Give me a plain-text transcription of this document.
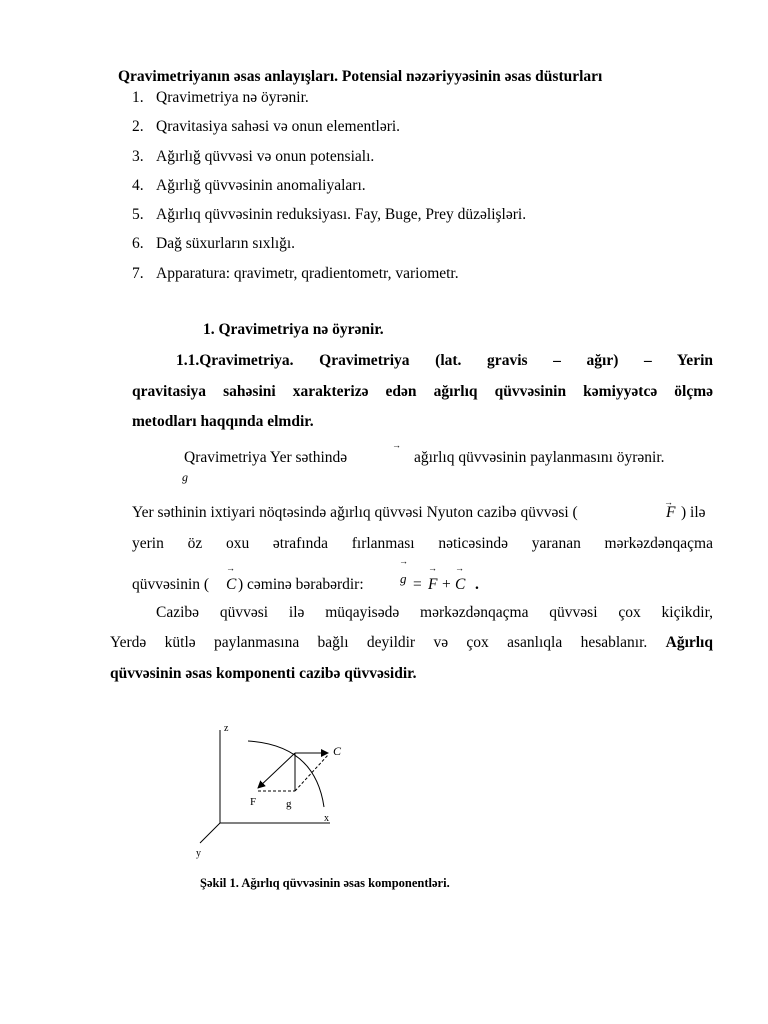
Qravimetriyanın əsas anlayışları. Potensial nəzəriyyəsinin əsas düsturları
1. Qravimetriya nə öyrənir.
2. Qravitasiya sahəsi və onun elementləri.
3. Ağırlığ qüvvəsi və onun potensialı.
4. Ağırlığ qüvvəsinin anomaliyaları.
5. Ağırlıq qüvvəsinin reduksiyası. Fay, Buge, Prey düzəlişləri.
6. Dağ süxurların sıxlığı.
7. Apparatura: qravimetr, qradientometr, variometr.
1. Qravimetriya nə öyrənir.
1.1.Qravimetriya. Qravimetriya (lat. gravis – ağır) – Yerin
qravitasiya sahəsini xarakterizə edən ağırlıq qüvvəsinin kəmiyyətcə ölçmə
metodları haqqında elmdir.
Qravimetriya Yer səthində
→
g
ağırlıq qüvvəsinin paylanmasını öyrənir.
Yer səthinin ixtiyari nöqtəsində ağırlıq qüvvəsi Nyuton cazibə qüvvəsi (
→
F ) ilə
yerin öz oxu ətrafında fırlanması nəticəsində yaranan mərkəzdənqaçma
qüvvəsinin (
→
C ) cəminə bərabərdir:
→
g =
→
F +
→
C .
Cazibə qüvvəsi ilə müqayisədə mərkəzdənqaçma qüvvəsi çox kiçikdir,
Yerdə kütlə paylanmasına bağlı deyildir və çox asanlıqla hesablanır. Ağırlıq
qüvvəsinin əsas komponenti cazibə qüvvəsidir.
z
x
y
C
F	g
Şəkil 1. Ağırlıq qüvvəsinin əsas komponentləri.
